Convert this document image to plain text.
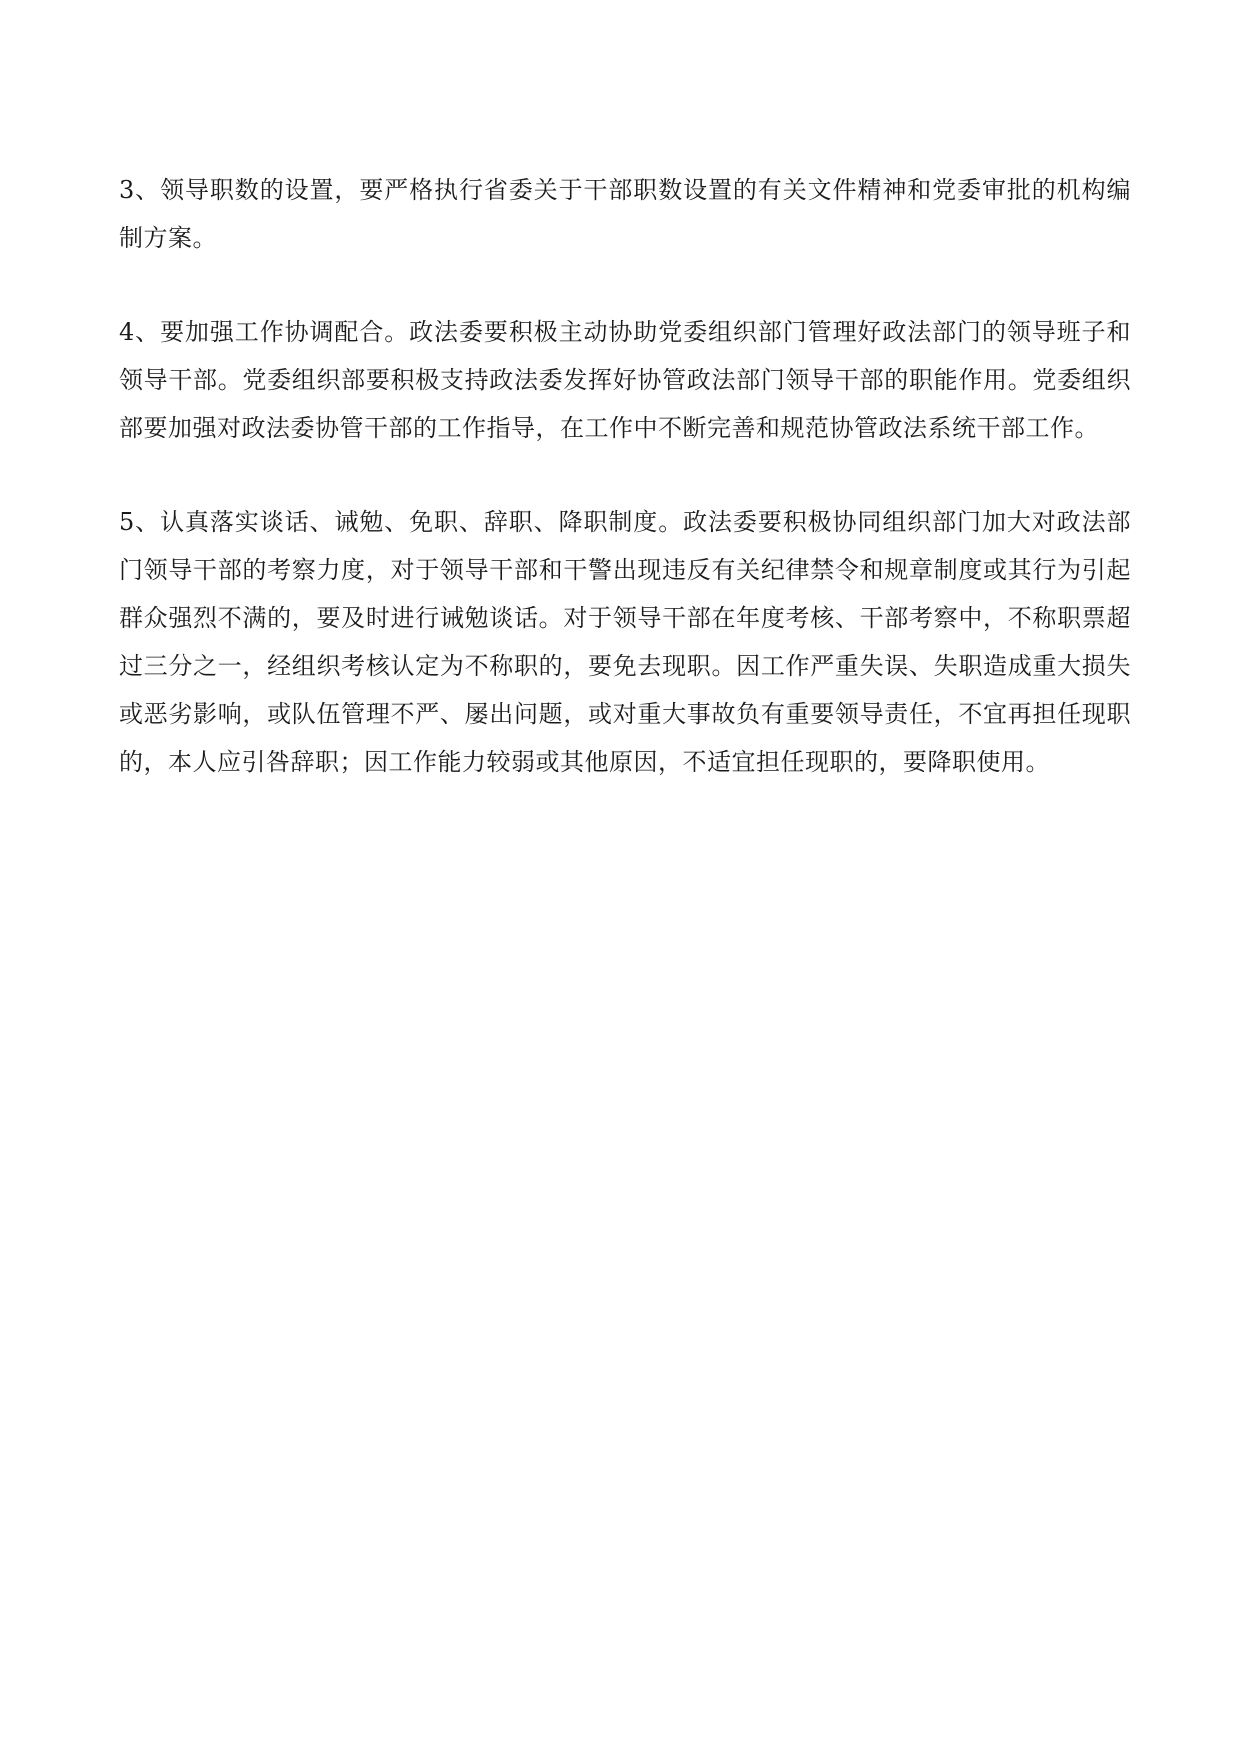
3、领导职数的设置，要严格执行省委关于干部职数设置的有关文件精神和党委审批的机构编制方案。

4、要加强工作协调配合。政法委要积极主动协助党委组织部门管理好政法部门的领导班子和领导干部。党委组织部要积极支持政法委发挥好协管政法部门领导干部的职能作用。党委组织部要加强对政法委协管干部的工作指导，在工作中不断完善和规范协管政法系统干部工作。

5、认真落实谈话、诫勉、免职、辞职、降职制度。政法委要积极协同组织部门加大对政法部门领导干部的考察力度，对于领导干部和干警出现违反有关纪律禁令和规章制度或其行为引起群众强烈不满的，要及时进行诫勉谈话。对于领导干部在年度考核、干部考察中，不称职票超过三分之一，经组织考核认定为不称职的，要免去现职。因工作严重失误、失职造成重大损失或恶劣影响，或队伍管理不严、屡出问题，或对重大事故负有重要领导责任，不宜再担任现职的，本人应引咎辞职；因工作能力较弱或其他原因，不适宜担任现职的，要降职使用。
